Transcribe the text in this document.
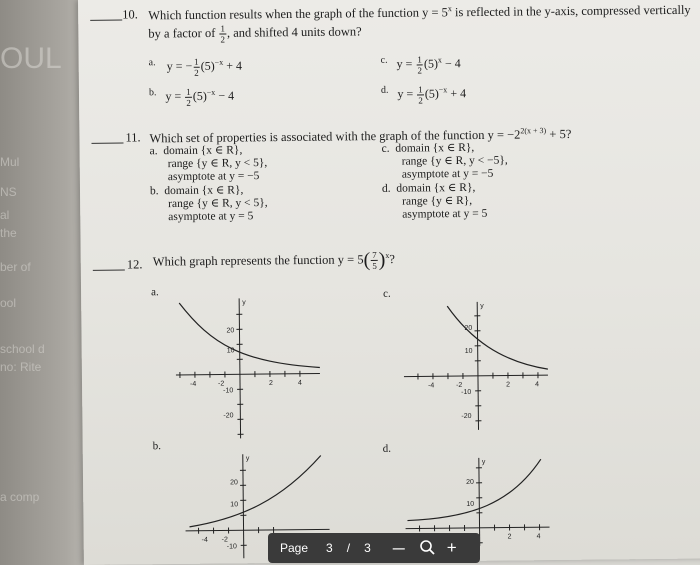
OUL
Mul
NS
al
the
ber of
ool
school d
no: Rite
a comp
10. Which function results when the graph of the function $y = 5^x$ is reflected in the y-axis, compressed vertically
by a factor of $\frac{1}{2}$ , and shifted 4 units down?
$^{a.}$ y = − $\frac{1}{2} (5)^{-x} + 4$
$^{b.}$ $y = \frac{1}{2} (5)^{-x} - 4$
$^{c.}$ $y = \frac{1}{2} (5)^x - 4$
$^{d.}$ $y = \frac{1}{2} (5)^{-x} + 4$
11. Which set of properties is associated with the graph of the function $y = -2^{2(x + 3)} + 5$?
a. domain {x ∈ R},
range {y ∈ R, y < 5},
asymptote at y = −5
b. domain {x ∈ R},
range {y ∈ R, y < 5},
asymptote at y = 5
c. domain {x ∈ R},
range {y ∈ R, y < −5},
asymptote at y = −5
d. domain {x ∈ R},
range {y ∈ R},
asymptote at y = 5
12. Which graph represents the function $y = 5( \frac{7}{5} )^x$?
a.	c.
b.	d.
y
20
10
-10
-20
-4	-2	2	4
y
20
10
-10
-20
-4	-2	2	4
y
20
10
-10
-4 -2
y
20
10
2	4
Page 3 / 3 — +
